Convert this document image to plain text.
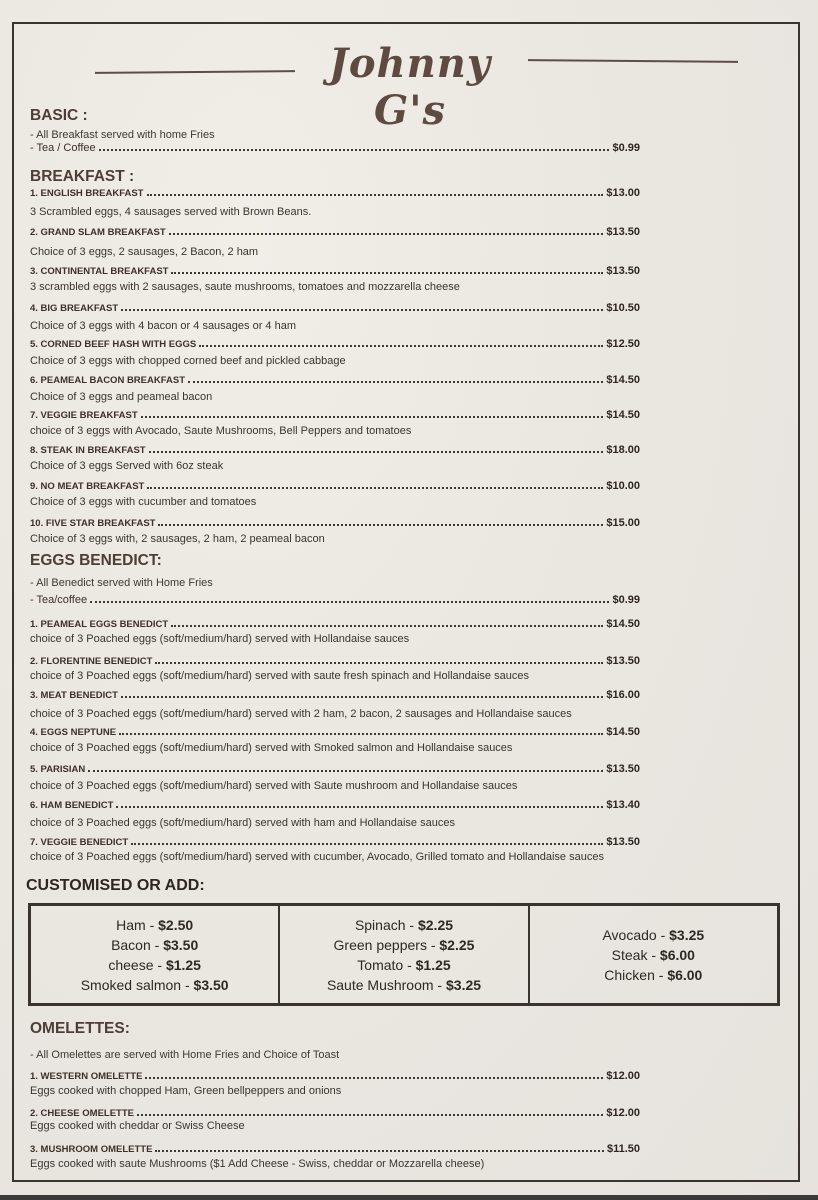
Johnny G's
BASIC :
- All Breakfast served with home Fries
- Tea / Coffee	$0.99
BREAKFAST :
1. ENGLISH BREAKFAST	$13.00
3 Scrambled eggs, 4 sausages served with Brown Beans.
2. GRAND SLAM BREAKFAST	$13.50
Choice of 3 eggs, 2 sausages, 2 Bacon, 2 ham
3. CONTINENTAL BREAKFAST	$13.50
3 scrambled eggs with 2 sausages, saute mushrooms, tomatoes and mozzarella cheese
4. BIG BREAKFAST	$10.50
Choice of 3 eggs with 4 bacon or 4 sausages or 4 ham
5. CORNED BEEF HASH WITH EGGS	$12.50
Choice of 3 eggs with chopped corned beef and pickled cabbage
6. PEAMEAL BACON BREAKFAST	$14.50
Choice of 3 eggs and peameal bacon
7. VEGGIE BREAKFAST	$14.50
choice of 3 eggs with Avocado, Saute Mushrooms, Bell Peppers and tomatoes
8. STEAK IN BREAKFAST	$18.00
Choice of 3 eggs Served with 6oz steak
9. NO MEAT BREAKFAST	$10.00
Choice of 3 eggs with cucumber and tomatoes
10. FIVE STAR BREAKFAST	$15.00
Choice of 3 eggs with, 2 sausages, 2 ham, 2 peameal bacon
EGGS BENEDICT:
- All Benedict served with Home Fries
- Tea/coffee	$0.99
1. PEAMEAL EGGS BENEDICT	$14.50
choice of 3 Poached eggs (soft/medium/hard) served with Hollandaise sauces
2. FLORENTINE BENEDICT	$13.50
choice of 3 Poached eggs (soft/medium/hard) served with saute fresh spinach and Hollandaise sauces
3. MEAT BENEDICT	$16.00
choice of 3 Poached eggs (soft/medium/hard) served with 2 ham, 2 bacon, 2 sausages and Hollandaise sauces
4. EGGS NEPTUNE	$14.50
choice of 3 Poached eggs (soft/medium/hard) served with Smoked salmon and Hollandaise sauces
5. PARISIAN	$13.50
choice of 3 Poached eggs (soft/medium/hard) served with Saute mushroom and Hollandaise sauces
6. HAM BENEDICT	$13.40
choice of 3 Poached eggs (soft/medium/hard) served with ham and Hollandaise sauces
7. VEGGIE BENEDICT	$13.50
choice of 3 Poached eggs (soft/medium/hard) served with cucumber, Avocado, Grilled tomato and Hollandaise sauces
CUSTOMISED OR ADD:
Ham - $2.50
Bacon - $3.50
cheese - $1.25
Smoked salmon - $3.50
Spinach - $2.25
Green peppers - $2.25
Tomato - $1.25
Saute Mushroom - $3.25
Avocado - $3.25
Steak - $6.00
Chicken - $6.00
OMELETTES:
- All Omelettes are served with Home Fries and Choice of Toast
1. WESTERN OMELETTE	$12.00
Eggs cooked with chopped Ham, Green bellpeppers and onions
2. CHEESE OMELETTE	$12.00
Eggs cooked with cheddar or Swiss Cheese
3. MUSHROOM OMELETTE	$11.50
Eggs cooked with saute Mushrooms ($1 Add Cheese - Swiss, cheddar or Mozzarella cheese)
